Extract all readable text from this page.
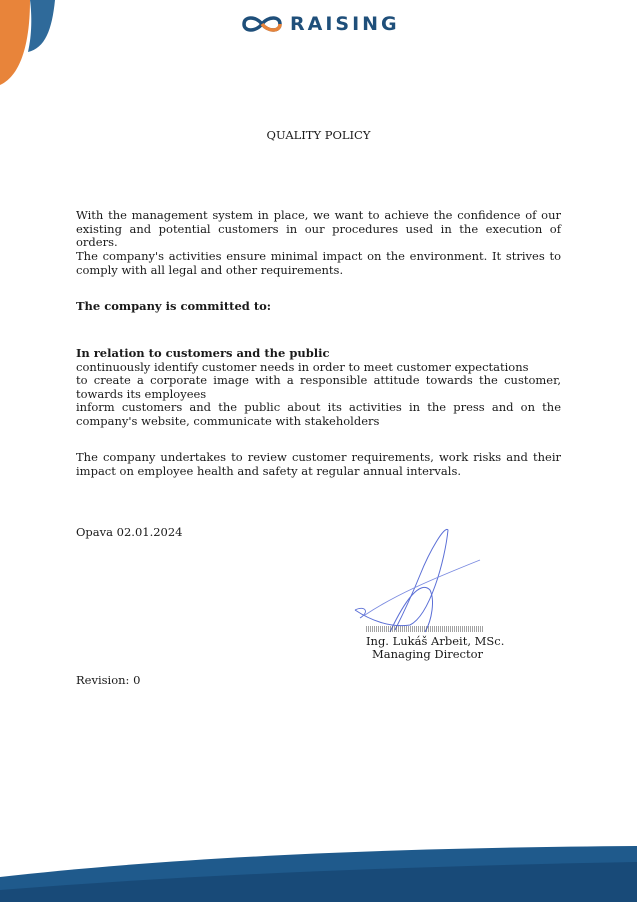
RAISING
QUALITY POLICY
With the management system in place, we want to achieve the confidence of our existing and potential customers in our procedures used in the execution of orders.
The company's activities ensure minimal impact on the environment. It strives to comply with all legal and other requirements.
The company is committed to:
In relation to customers and the public
continuously identify customer needs in order to meet customer expectations
to create a corporate image with a responsible attitude towards the customer, towards its employees
inform customers and the public about its activities in the press and on the company's website, communicate with stakeholders
The company undertakes to review customer requirements, work risks and their impact on employee health and safety at regular annual intervals.
Opava 02.01.2024
Ing. Lukáš Arbeit, MSc.
Managing Director
Revision: 0
